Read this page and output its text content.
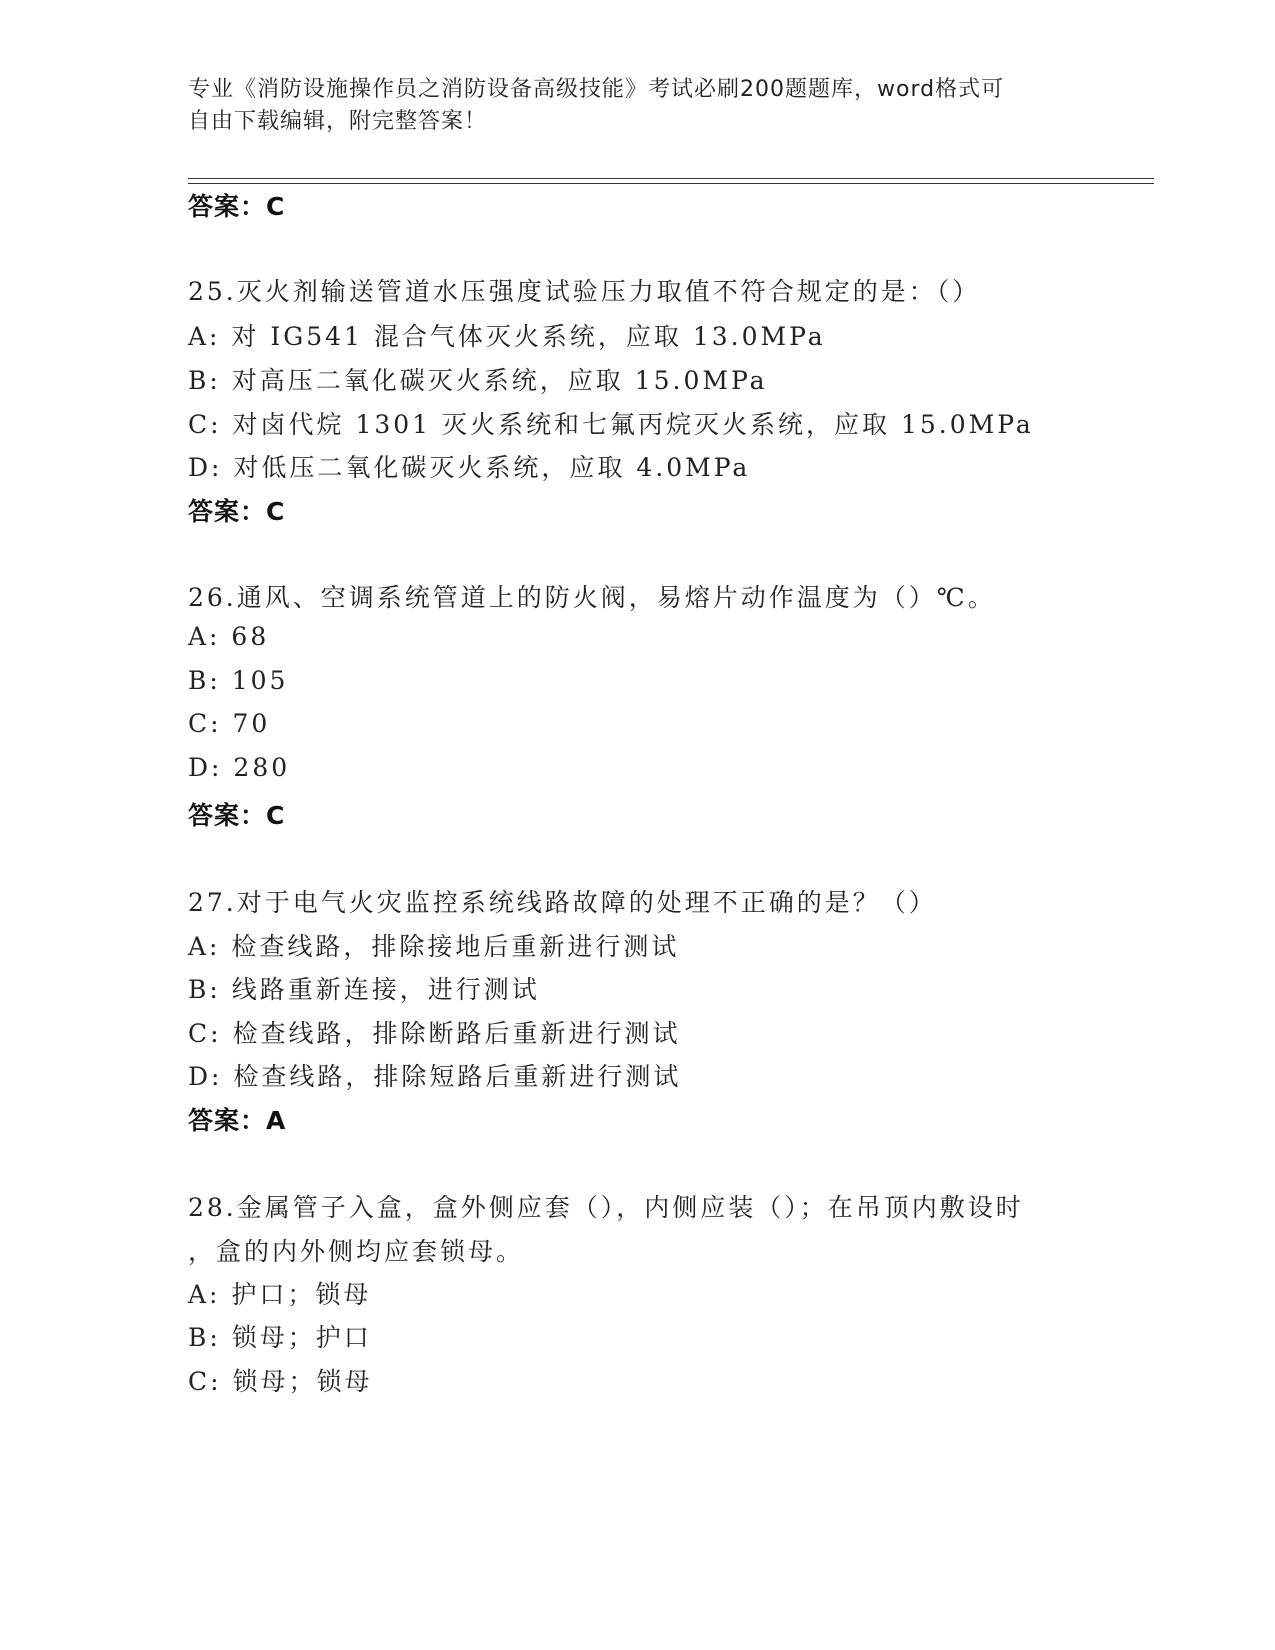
专业《消防设施操作员之消防设备高级技能》考试必刷200题题库，word格式可
自由下载编辑，附完整答案！
答案：C
25.灭火剂输送管道水压强度试验压力取值不符合规定的是：（）
A: 对 IG541 混合气体灭火系统，应取 13.0MPa
B: 对高压二氧化碳灭火系统，应取 15.0MPa
C: 对卤代烷 1301 灭火系统和七氟丙烷灭火系统，应取 15.0MPa
D: 对低压二氧化碳灭火系统，应取 4.0MPa
答案：C
26.通风、空调系统管道上的防火阀，易熔片动作温度为（）℃。
A: 68
B: 105
C: 70
D: 280
答案：C
27.对于电气火灾监控系统线路故障的处理不正确的是？（）
A: 检查线路，排除接地后重新进行测试
B: 线路重新连接，进行测试
C: 检查线路，排除断路后重新进行测试
D: 检查线路，排除短路后重新进行测试
答案：A
28.金属管子入盒，盒外侧应套（），内侧应装（）；在吊顶内敷设时
，盒的内外侧均应套锁母。
A: 护口；锁母
B: 锁母；护口
C: 锁母；锁母
